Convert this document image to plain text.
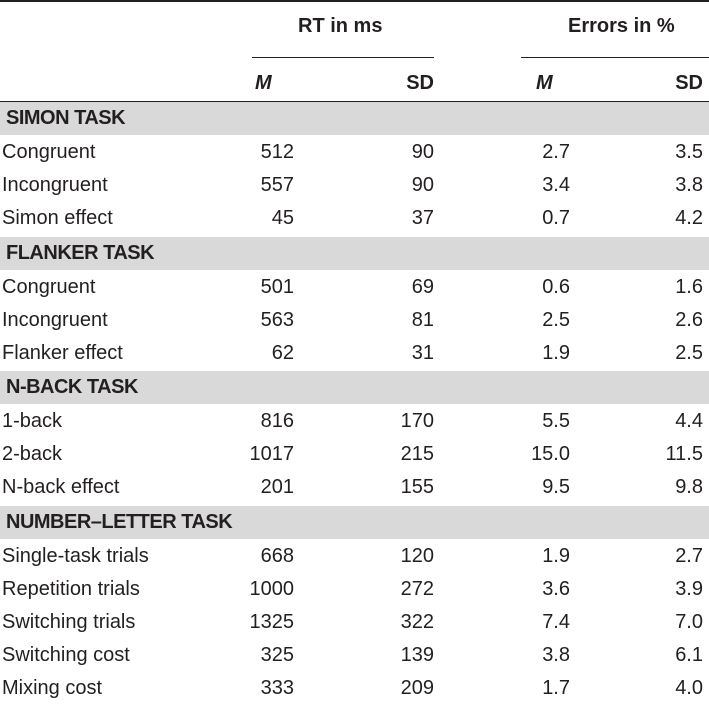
RT in ms	Errors in %
M	SD	M	SD
SIMON TASK
Congruent	512	90	2.7	3.5
Incongruent	557	90	3.4	3.8
Simon effect	45	37	0.7	4.2
FLANKER TASK
Congruent	501	69	0.6	1.6
Incongruent	563	81	2.5	2.6
Flanker effect	62	31	1.9	2.5
N-BACK TASK
1-back	816	170	5.5	4.4
2-back	1017	215	15.0	11.5
N-back effect	201	155	9.5	9.8
NUMBER–LETTER TASK
Single-task trials	668	120	1.9	2.7
Repetition trials	1000	272	3.6	3.9
Switching trials	1325	322	7.4	7.0
Switching cost	325	139	3.8	6.1
Mixing cost	333	209	1.7	4.0
